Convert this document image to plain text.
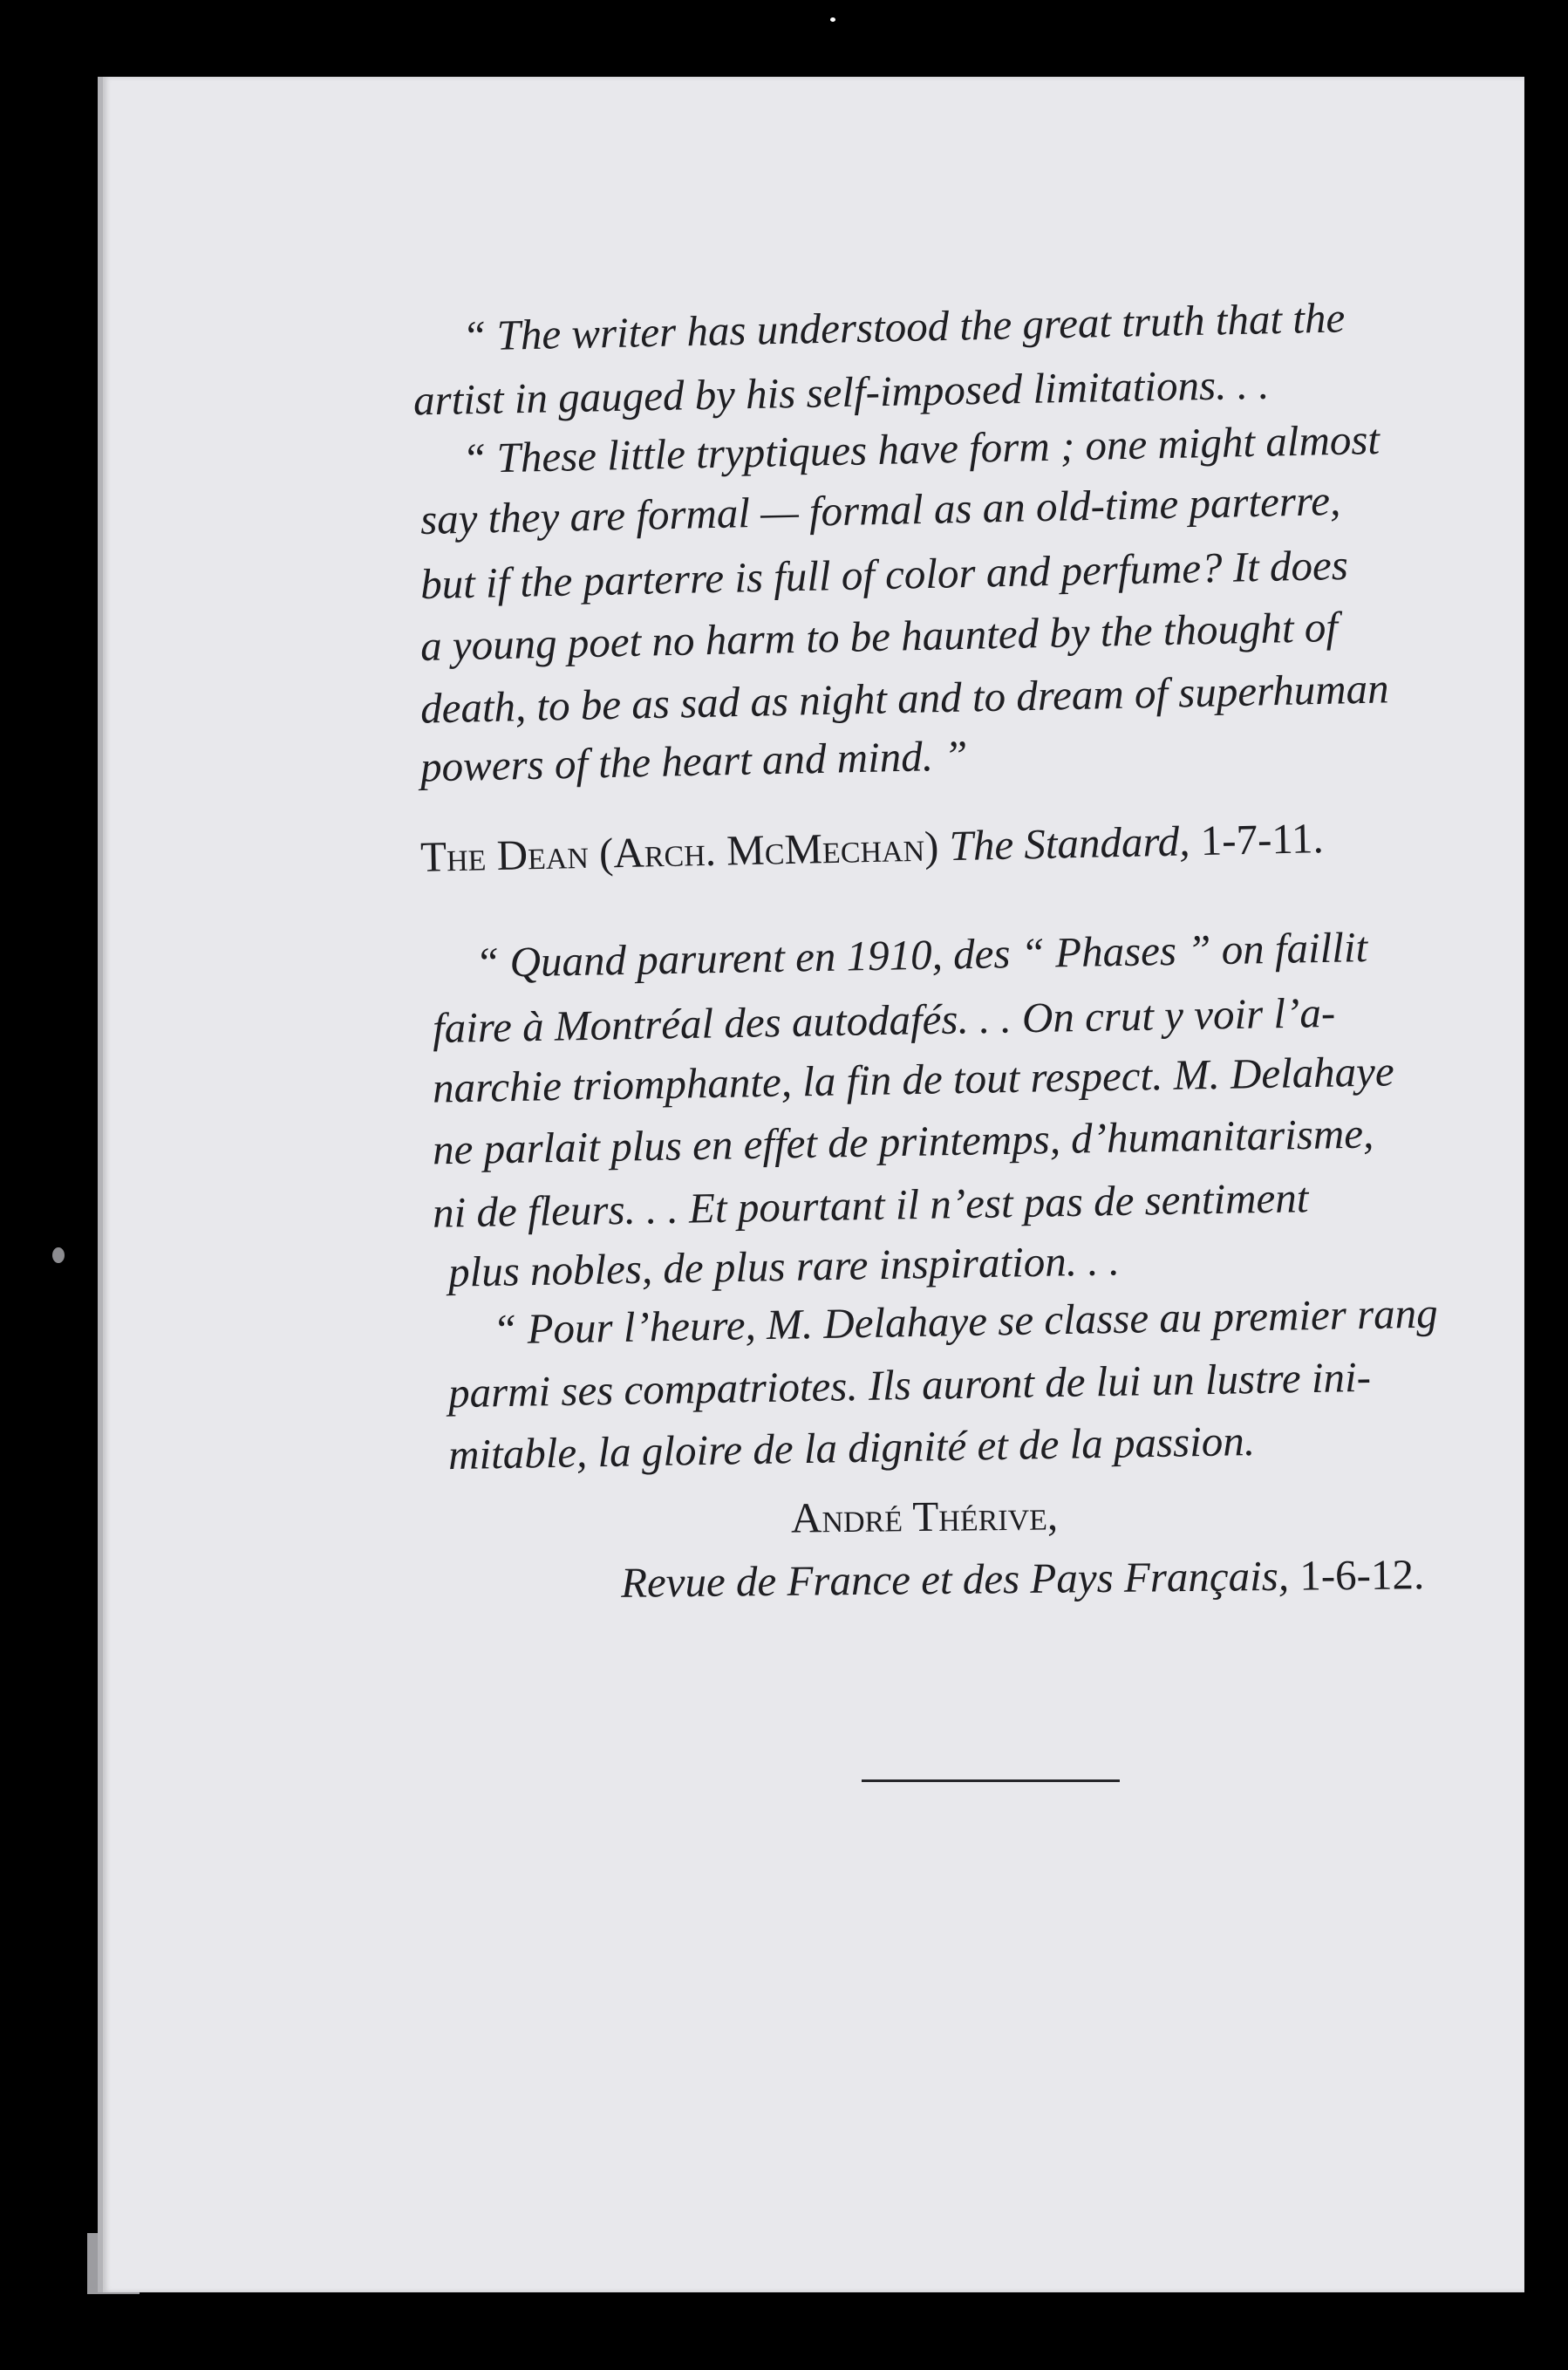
“ The writer has understood the great truth that the
artist in gauged by his self-imposed limitations. . .
“ These little tryptiques have form ; one might almost
say they are formal — formal as an old-time parterre,
but if the parterre is full of color and perfume? It does
a young poet no harm to be haunted by the thought of
death, to be as sad as night and to dream of superhuman
powers of the heart and mind. ”
The Dean (Arch. McMechan) The Standard, 1-7-11.
“ Quand parurent en 1910, des “ Phases ” on faillit
faire à Montréal des autodafés. . . On crut y voir l’a-
narchie triomphante, la fin de tout respect. M. Delahaye
ne parlait plus en effet de printemps, d’humanitarisme,
ni de fleurs. . . Et pourtant il n’est pas de sentiment
plus nobles, de plus rare inspiration. . .
“ Pour l’heure, M. Delahaye se classe au premier rang
parmi ses compatriotes. Ils auront de lui un lustre ini-
mitable, la gloire de la dignité et de la passion.
André Thérive,
Revue de France et des Pays Français, 1-6-12.
